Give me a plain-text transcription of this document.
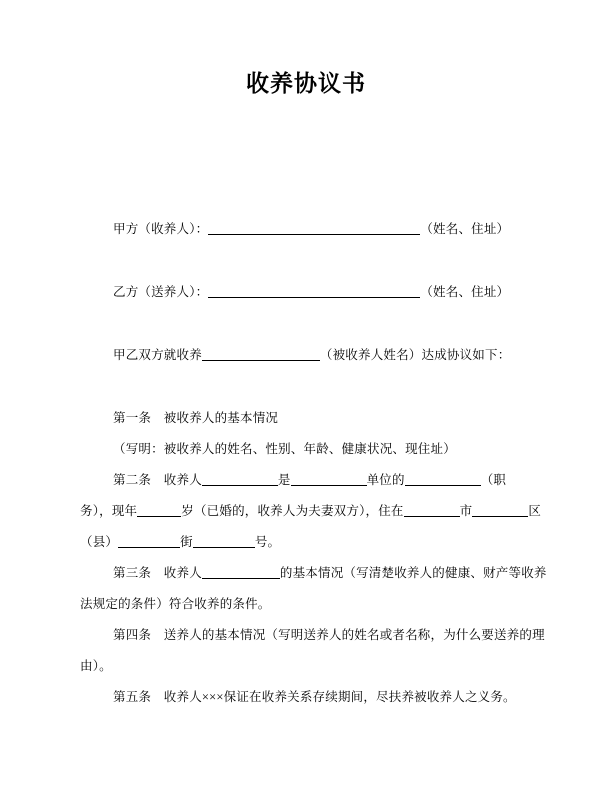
收养协议书

甲方（收养人）：	（姓名、住址）

乙方（送养人）：	（姓名、住址）

甲乙双方就收养	（被收养人姓名）达成协议如下：

第一条　被收养人的基本情况

（写明：被收养人的姓名、性别、年龄、健康状况、现住址）

第二条　收养人	是	单位的	（职
务），现年	岁（已婚的，收养人为夫妻双方），住在	市	区
（县）	街	号。

第三条　收养人	的基本情况（写清楚收养人的健康、财产等收养
法规定的条件）符合收养的条件。

第四条　送养人的基本情况（写明送养人的姓名或者名称，为什么要送养的理
由）。

第五条　收养人×××保证在收养关系存续期间，尽扶养被收养人之义务。
